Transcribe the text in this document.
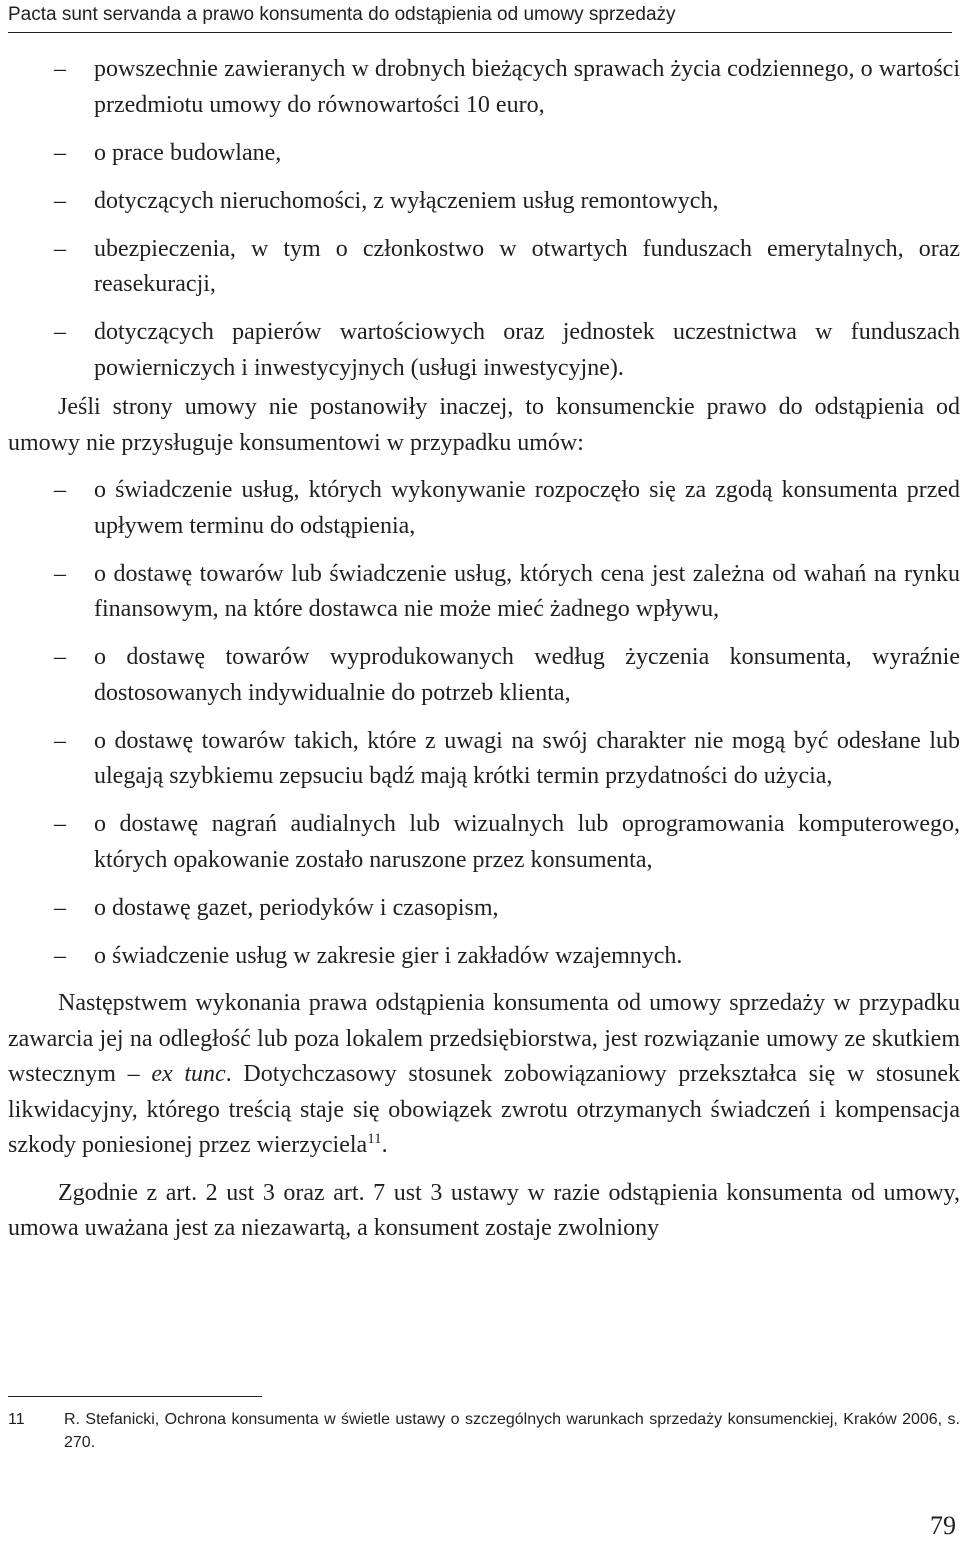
Pacta sunt servanda a prawo konsumenta do odstąpienia od umowy sprzedaży
–	powszechnie zawieranych w drobnych bieżących sprawach życia codziennego, o wartości przedmiotu umowy do równowartości 10 euro,
–	o prace budowlane,
–	dotyczących nieruchomości, z wyłączeniem usług remontowych,
–	ubezpieczenia, w tym o członkostwo w otwartych funduszach emerytalnych, oraz reasekuracji,
–	dotyczących papierów wartościowych oraz jednostek uczestnictwa w funduszach powierniczych i inwestycyjnych (usługi inwestycyjne).

Jeśli strony umowy nie postanowiły inaczej, to konsumenckie prawo do odstąpienia od umowy nie przysługuje konsumentowi w przypadku umów:

–	o świadczenie usług, których wykonywanie rozpoczęło się za zgodą konsumenta przed upływem terminu do odstąpienia,
–	o dostawę towarów lub świadczenie usług, których cena jest zależna od wahań na rynku finansowym, na które dostawca nie może mieć żadnego wpływu,
–	o dostawę towarów wyprodukowanych według życzenia konsumenta, wyraźnie dostosowanych indywidualnie do potrzeb klienta,
–	o dostawę towarów takich, które z uwagi na swój charakter nie mogą być odesłane lub ulegają szybkiemu zepsuciu bądź mają krótki termin przydatności do użycia,
–	o dostawę nagrań audialnych lub wizualnych lub oprogramowania komputerowego, których opakowanie zostało naruszone przez konsumenta,
–	o dostawę gazet, periodyków i czasopism,
–	o świadczenie usług w zakresie gier i zakładów wzajemnych.

Następstwem wykonania prawa odstąpienia konsumenta od umowy sprzedaży w przypadku zawarcia jej na odległość lub poza lokalem przedsiębiorstwa, jest rozwiązanie umowy ze skutkiem wstecznym – ex tunc. Dotychczasowy stosunek zobowiązaniowy przekształca się w stosunek likwidacyjny, którego treścią staje się obowiązek zwrotu otrzymanych świadczeń i kompensacja szkody poniesionej przez wierzyciela$^{11}$.

Zgodnie z art. 2 ust 3 oraz art. 7 ust 3 ustawy w razie odstąpienia konsumenta od umowy, umowa uważana jest za niezawartą, a konsument zostaje zwolniony

11	R. Stefanicki, Ochrona konsumenta w świetle ustawy o szczególnych warunkach sprzedaży konsumenckiej, Kraków 2006, s. 270.
79
